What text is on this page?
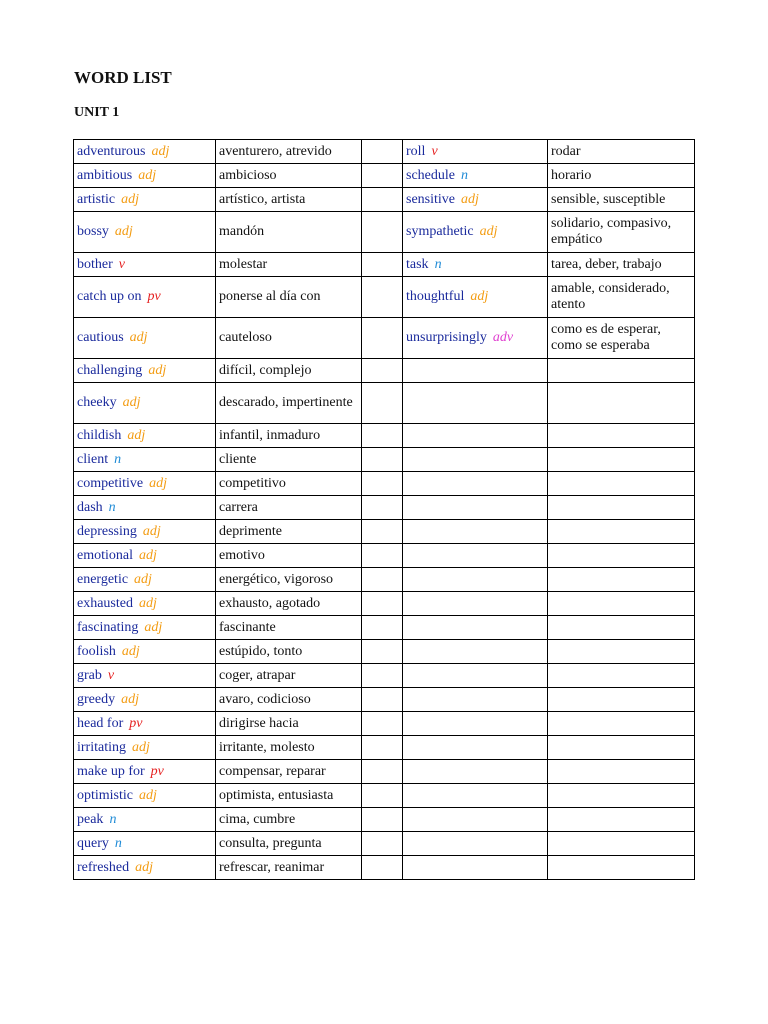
WORD LIST
UNIT 1
adventurous adj	aventurero, atrevido		roll v	rodar
ambitious adj	ambicioso		schedule n	horario
artistic adj	artístico, artista		sensitive adj	sensible, susceptible
bossy adj	mandón		sympathetic adj	solidario, compasivo, empático
bother v	molestar		task n	tarea, deber, trabajo
catch up on pv	ponerse al día con		thoughtful adj	amable, considerado, atento
cautious adj	cauteloso		unsurprisingly adv	como es de esperar, como se esperaba
challenging adj	difícil, complejo			
cheeky adj	descarado, impertinente			
childish adj	infantil, inmaduro			
client n	cliente			
competitive adj	competitivo			
dash n	carrera			
depressing adj	deprimente			
emotional adj	emotivo			
energetic adj	energético, vigoroso			
exhausted adj	exhausto, agotado			
fascinating adj	fascinante			
foolish adj	estúpido, tonto			
grab v	coger, atrapar			
greedy adj	avaro, codicioso			
head for pv	dirigirse hacia			
irritating adj	irritante, molesto			
make up for pv	compensar, reparar			
optimistic adj	optimista, entusiasta			
peak n	cima, cumbre			
query n	consulta, pregunta			
refreshed adj	refrescar, reanimar			
